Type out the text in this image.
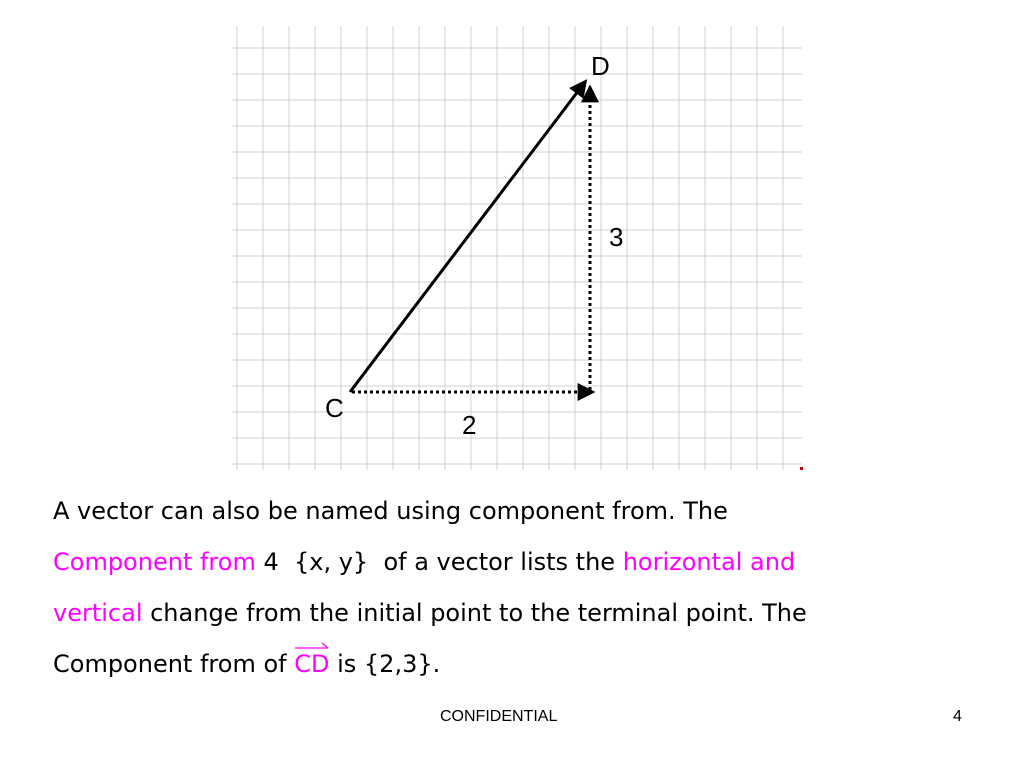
C
D
2
3
A vector can also be named using component from. The
Component from 4  {x, y}  of a vector lists the horizontal and
vertical change from the initial point to the terminal point. The
Component from of
CD is {2,3}.
CONFIDENTIAL	4
